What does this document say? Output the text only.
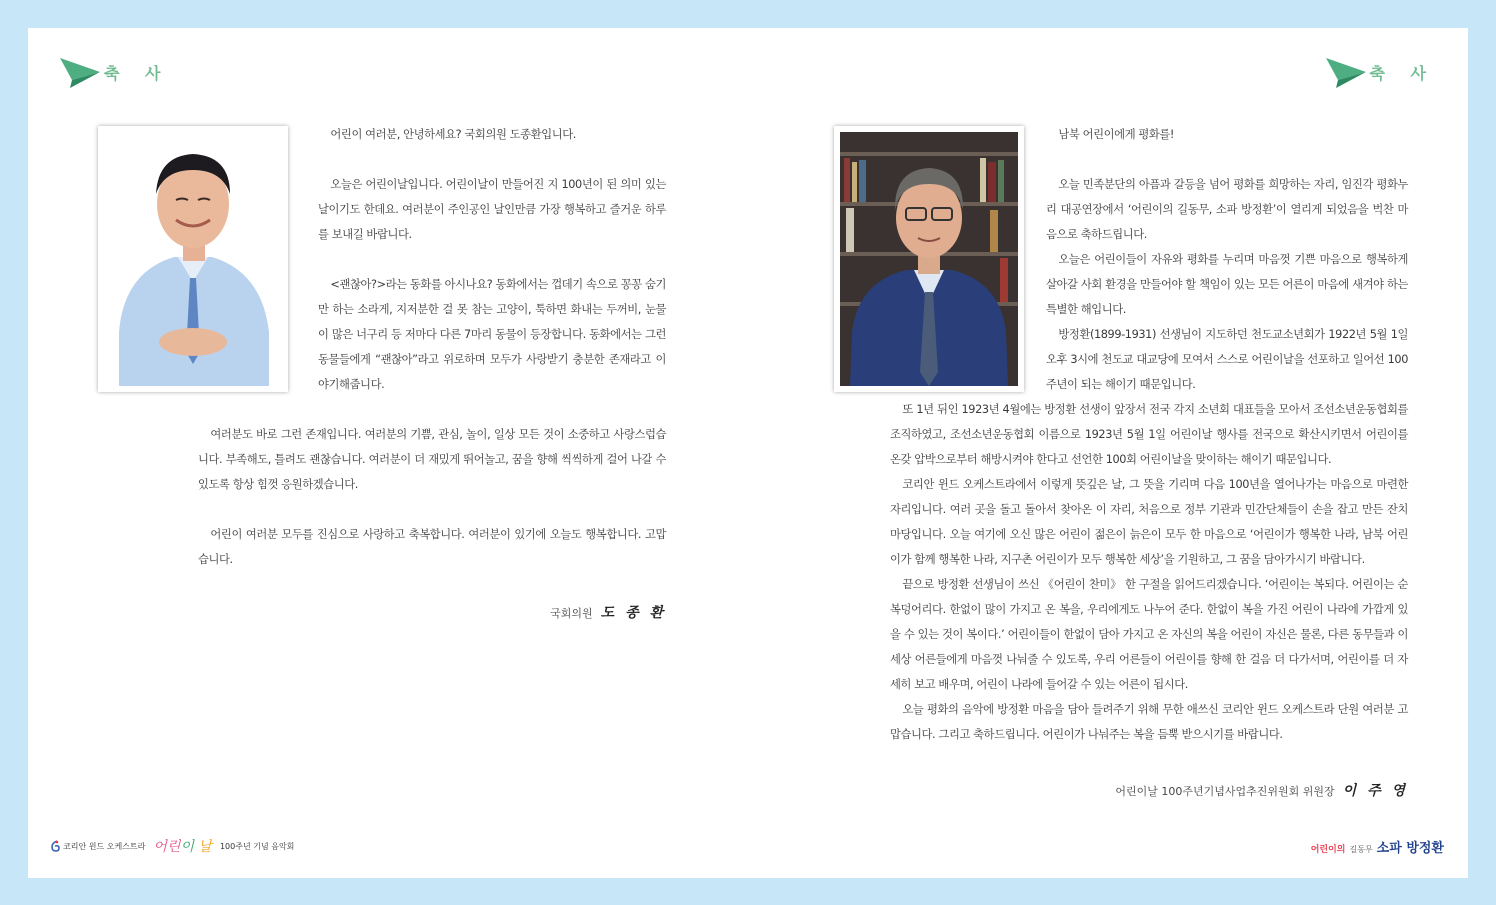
축 사	축 사

어린이 여러분, 안녕하세요? 국회의원 도종환입니다.

오늘은 어린이날입니다. 어린이날이 만들어진 지 100년이 된 의미 있는 날이기도 한데요. 여러분이 주인공인 날인만큼 가장 행복하고 즐거운 하루를 보내길 바랍니다.

<괜찮아?>라는 동화를 아시나요? 동화에서는 껍데기 속으로 꽁꽁 숨기만 하는 소라게, 지저분한 걸 못 참는 고양이, 툭하면 화내는 두꺼비, 눈물이 많은 너구리 등 저마다 다른 7마리 동물이 등장합니다. 동화에서는 그런 동물들에게 “괜찮아”라고 위로하며 모두가 사랑받기 충분한 존재라고 이야기해줍니다.

여러분도 바로 그런 존재입니다. 여러분의 기쁨, 관심, 놀이, 일상 모든 것이 소중하고 사랑스럽습니다. 부족해도, 틀려도 괜찮습니다. 여러분이 더 재밌게 뛰어놀고, 꿈을 향해 씩씩하게 걸어 나갈 수 있도록 항상 힘껏 응원하겠습니다.

어린이 여러분 모두를 진심으로 사랑하고 축복합니다. 여러분이 있기에 오늘도 행복합니다. 고맙습니다.

국회의원 도 종 환

남북 어린이에게 평화를!

오늘 민족분단의 아픔과 갈등을 넘어 평화를 희망하는 자리, 임진각 평화누리 대공연장에서 ‘어린이의 길동무, 소파 방정환’이 열리게 되었음을 벅찬 마음으로 축하드립니다.

오늘은 어린이들이 자유와 평화를 누리며 마음껏 기쁜 마음으로 행복하게 살아갈 사회 환경을 만들어야 할 책임이 있는 모든 어른이 마음에 새겨야 하는 특별한 해입니다.

방정환(1899-1931) 선생님이 지도하던 천도교소년회가 1922년 5월 1일 오후 3시에 천도교 대교당에 모여서 스스로 어린이날을 선포하고 일어선 100주년이 되는 해이기 때문입니다.

또 1년 뒤인 1923년 4월에는 방정환 선생이 앞장서 전국 각지 소년회 대표들을 모아서 조선소년운동협회를 조직하였고, 조선소년운동협회 이름으로 1923년 5월 1일 어린이날 행사를 전국으로 확산시키면서 어린이를 온갖 압박으로부터 해방시켜야 한다고 선언한 100회 어린이날을 맞이하는 해이기 때문입니다.

코리안 윈드 오케스트라에서 이렇게 뜻깊은 날, 그 뜻을 기리며 다음 100년을 열어나가는 마음으로 마련한 자리입니다. 여러 곳을 돌고 돌아서 찾아온 이 자리, 처음으로 정부 기관과 민간단체들이 손을 잡고 만든 잔치 마당입니다. 오늘 여기에 오신 많은 어린이 젊은이 늙은이 모두 한 마음으로 ‘어린이가 행복한 나라, 남북 어린이가 함께 행복한 나라, 지구촌 어린이가 모두 행복한 세상’을 기원하고, 그 꿈을 담아가시기 바랍니다.

끝으로 방정환 선생님이 쓰신 《어린이 찬미》 한 구절을 읽어드리겠습니다. ‘어린이는 복되다. 어린이는 순 복덩어리다. 한없이 많이 가지고 온 복을, 우리에게도 나누어 준다. 한없이 복을 가진 어린이 나라에 가깝게 있을 수 있는 것이 복이다.’ 어린이들이 한없이 담아 가지고 온 자신의 복을 어린이 자신은 물론, 다른 동무들과 이 세상 어른들에게 마음껏 나눠줄 수 있도록, 우리 어른들이 어린이를 향해 한 걸음 더 다가서며, 어린이를 더 자세히 보고 배우며, 어린이 나라에 들어갈 수 있는 어른이 됩시다.

오늘 평화의 음악에 방정환 마음을 담아 들려주기 위해 무한 애쓰신 코리안 윈드 오케스트라 단원 여러분 고맙습니다. 그리고 축하드립니다. 어린이가 나눠주는 복을 듬뿍 받으시기를 바랍니다.

어린이날 100주년기념사업추진위원회 위원장 이 주 영
코리안 윈드 오케스트라 어린이 날 100주년 기념 음악회	어린이의 길동무 소파 방정환
